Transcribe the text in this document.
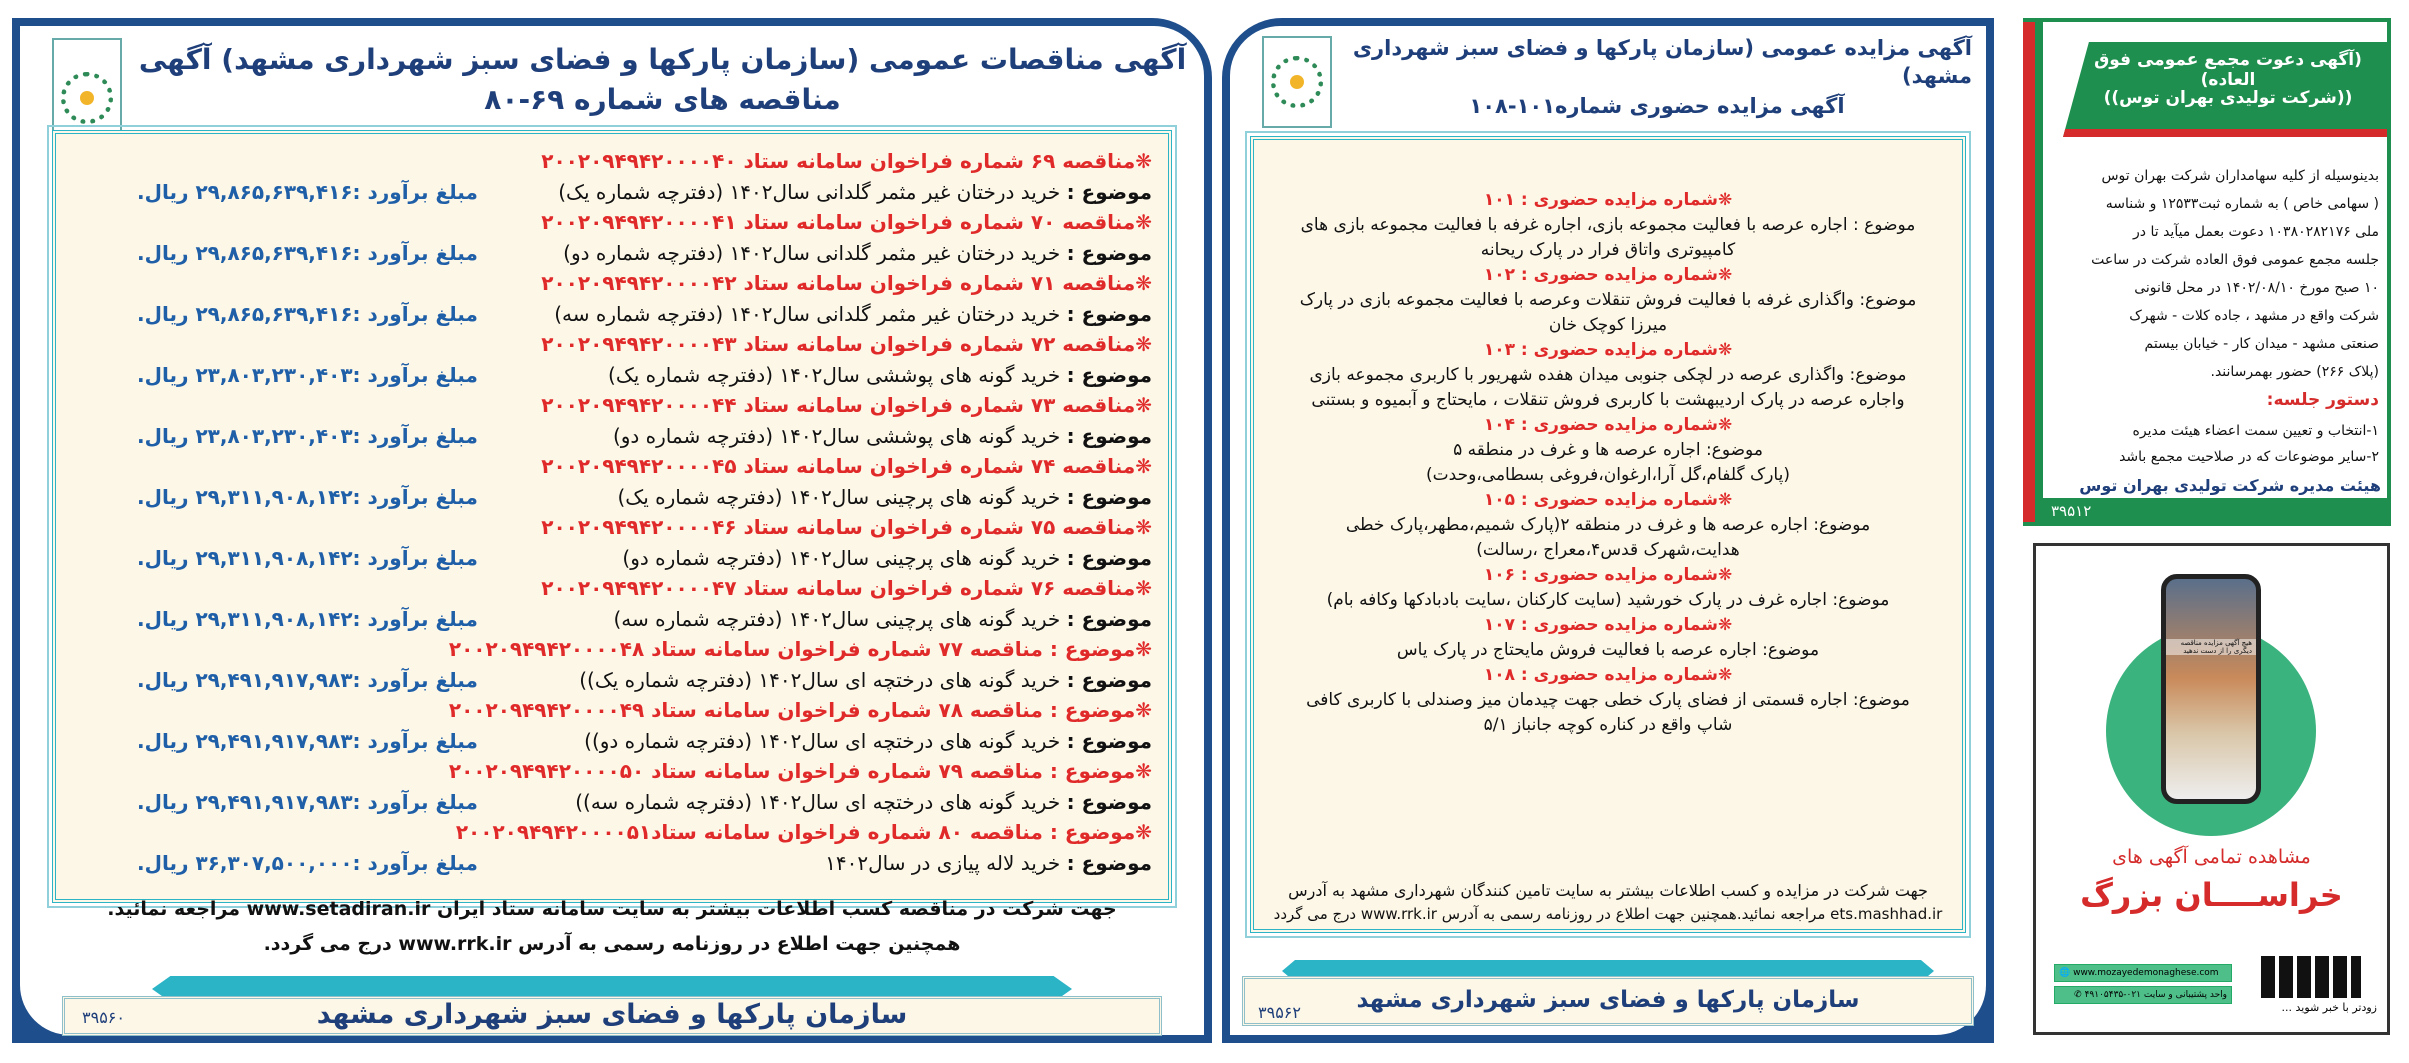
آگهی مناقصات عمومی (سازمان پارکها و فضای سبز شهرداری مشهد) آگهی مناقصه های شماره ۶۹-۸۰
❋مناقصه ۶۹ شماره فراخوان سامانه ستاد ۲۰۰۲۰۹۴۹۴۲۰۰۰۰۴۰
موضوع : خرید درختان غیر مثمر گلدانی سال۱۴۰۲ (دفترچه شماره یک)
مبلغ برآورد :۲۹,۸۶۵,۶۳۹,۴۱۶ ریال.
❋مناقصه ۷۰ شماره فراخوان سامانه ستاد ۲۰۰۲۰۹۴۹۴۲۰۰۰۰۴۱
موضوع : خرید درختان غیر مثمر گلدانی سال۱۴۰۲ (دفترچه شماره دو)
مبلغ برآورد :۲۹,۸۶۵,۶۳۹,۴۱۶ ریال.
❋مناقصه ۷۱ شماره فراخوان سامانه ستاد ۲۰۰۲۰۹۴۹۴۲۰۰۰۰۴۲
موضوع : خرید درختان غیر مثمر گلدانی سال۱۴۰۲ (دفترچه شماره سه)
مبلغ برآورد :۲۹,۸۶۵,۶۳۹,۴۱۶ ریال.
❋مناقصه ۷۲ شماره فراخوان سامانه ستاد ۲۰۰۲۰۹۴۹۴۲۰۰۰۰۴۳
موضوع : خرید گونه های پوششی سال۱۴۰۲ (دفترچه شماره یک)
مبلغ برآورد :۲۳,۸۰۳,۲۳۰,۴۰۳ ریال.
❋مناقصه ۷۳ شماره فراخوان سامانه ستاد ۲۰۰۲۰۹۴۹۴۲۰۰۰۰۴۴
موضوع : خرید گونه های پوششی سال۱۴۰۲ (دفترچه شماره دو)
مبلغ برآورد :۲۳,۸۰۳,۲۳۰,۴۰۳ ریال.
❋مناقصه ۷۴ شماره فراخوان سامانه ستاد ۲۰۰۲۰۹۴۹۴۲۰۰۰۰۴۵
موضوع : خرید گونه های پرچینی سال۱۴۰۲ (دفترچه شماره یک)
مبلغ برآورد :۲۹,۳۱۱,۹۰۸,۱۴۲ ریال.
❋مناقصه ۷۵ شماره فراخوان سامانه ستاد ۲۰۰۲۰۹۴۹۴۲۰۰۰۰۴۶
موضوع : خرید گونه های پرچینی سال۱۴۰۲ (دفترچه شماره دو)
مبلغ برآورد :۲۹,۳۱۱,۹۰۸,۱۴۲ ریال.
❋مناقصه ۷۶ شماره فراخوان سامانه ستاد ۲۰۰۲۰۹۴۹۴۲۰۰۰۰۴۷
موضوع : خرید گونه های پرچینی سال۱۴۰۲ (دفترچه شماره سه)
مبلغ برآورد :۲۹,۳۱۱,۹۰۸,۱۴۲ ریال.
❋موضوع : مناقصه ۷۷ شماره فراخوان سامانه ستاد ۲۰۰۲۰۹۴۹۴۲۰۰۰۰۴۸
موضوع : خرید گونه های درختچه ای سال۱۴۰۲ (دفترچه شماره یک))
مبلغ برآورد :۲۹,۴۹۱,۹۱۷,۹۸۳ ریال.
❋موضوع : مناقصه ۷۸ شماره فراخوان سامانه ستاد ۲۰۰۲۰۹۴۹۴۲۰۰۰۰۴۹
موضوع : خرید گونه های درختچه ای سال۱۴۰۲ (دفترچه شماره دو))
مبلغ برآورد :۲۹,۴۹۱,۹۱۷,۹۸۳ ریال.
❋موضوع : مناقصه ۷۹ شماره فراخوان سامانه ستاد ۲۰۰۲۰۹۴۹۴۲۰۰۰۰۵۰
موضوع : خرید گونه های درختچه ای سال۱۴۰۲ (دفترچه شماره سه))
مبلغ برآورد :۲۹,۴۹۱,۹۱۷,۹۸۳ ریال.
❋موضوع : مناقصه ۸۰ شماره فراخوان سامانه ستاد۲۰۰۲۰۹۴۹۴۲۰۰۰۰۵۱
موضوع : خرید لاله پیازی در سال۱۴۰۲
مبلغ برآورد :۳۶,۳۰۷,۵۰۰,۰۰۰ ریال.
جهت شرکت در مناقصه کسب اطلاعات بیشتر به سایت سامانه ستاد ایران www.setadiran.ir مراجعه نمائید.
همچنین جهت اطلاع در روزنامه رسمی به آدرس www.rrk.ir درج می گردد.
سازمان پارکها و فضای سبز شهرداری مشهد
۳۹۵۶۰
آگهی مزایده عمومی (سازمان پارکها و فضای سبز شهرداری مشهد)
آگهی مزایده حضوری شماره۱۰۱-۱۰۸
❋شماره مزایده حضوری : ۱۰۱
موضوع : اجاره عرصه با فعالیت مجموعه بازی، اجاره غرفه با فعالیت مجموعه بازی های
کامپیوتری واتاق فرار در پارک ریحانه
❋شماره مزایده حضوری : ۱۰۲
موضوع: واگذاری غرفه با فعالیت فروش تنقلات وعرصه با فعالیت مجموعه بازی در پارک
میرزا کوچک خان
❋شماره مزایده حضوری : ۱۰۳
موضوع: واگذاری عرصه در لچکی جنوبی میدان هفده شهریور با کاربری مجموعه بازی
واجاره عرصه در پارک اردیبهشت با کاربری فروش تنقلات ، مایحتاج و آبمیوه و بستنی
❋شماره مزایده حضوری : ۱۰۴
موضوع: اجاره عرصه ها و غرف در منطقه ۵
(پارک گلفام،گل آرا،ارغوان،فروغی بسطامی،وحدت)
❋شماره مزایده حضوری : ۱۰۵
موضوع: اجاره عرصه ها و غرف در منطقه ۲(پارک شمیم،مطهر،پارک خطی
هدایت،شهرک قدس۴،معراج ،رسالت)
❋شماره مزایده حضوری : ۱۰۶
موضوع: اجاره غرف در پارک خورشید (سایت کارکنان ،سایت بادبادکها وکافه بام)
❋شماره مزایده حضوری : ۱۰۷
موضوع: اجاره عرصه با فعالیت فروش مایحتاج در پارک یاس
❋شماره مزایده حضوری : ۱۰۸
موضوع: اجاره قسمتی از فضای پارک خطی جهت چیدمان میز وصندلی با کاربری کافی
شاپ واقع در کناره کوچه جانباز ۵/۱
جهت شرکت در مزایده و کسب اطلاعات بیشتر به سایت تامین کنندگان شهرداری مشهد به آدرس
ets.mashhad.ir مراجعه نمائید.همچنین جهت اطلاع در روزنامه رسمی به آدرس www.rrk.ir درج می گردد
سازمان پارکها و فضای سبز شهرداری مشهد
۳۹۵۶۲
(آگهی دعوت مجمع عمومی فوق العاده)
((شرکت تولیدی بهران توس))
بدینوسیله از کلیه سهامداران شرکت بهران توس
( سهامی خاص ) به شماره ثبت۱۲۵۳۳ و شناسه
ملی ۱۰۳۸۰۲۸۲۱۷۶ دعوت بعمل میآید تا در
جلسه مجمع عمومی فوق العاده شرکت در ساعت
۱۰ صبح مورخ ۱۴۰۲/۰۸/۱۰ در محل قانونی
شرکت واقع در مشهد ، جاده کلات - شهرک
صنعتی مشهد - میدان کار - خیابان بیستم
(پلاک ۲۶۶) حضور بهمرسانند.
دستور جلسه:
۱-انتخاب و تعیین سمت اعضاء هیئت مدیره
۲-سایر موضوعات که در صلاحیت مجمع باشد
هیئت مدیره شرکت تولیدی بهران توس
۳۹۵۱۲
هیچ آگهی مزایده مناقصه دیگری را از دست ندهید
مشاهده تمامی آگهی های
خراســــان بزرگ
🌐 www.mozayedemonaghese.com
واحد پشتیبانی و سایت ۰۲۱-۴۹۱۰۵۴۳۵ ✆
زودتر با خبر شوید ...
